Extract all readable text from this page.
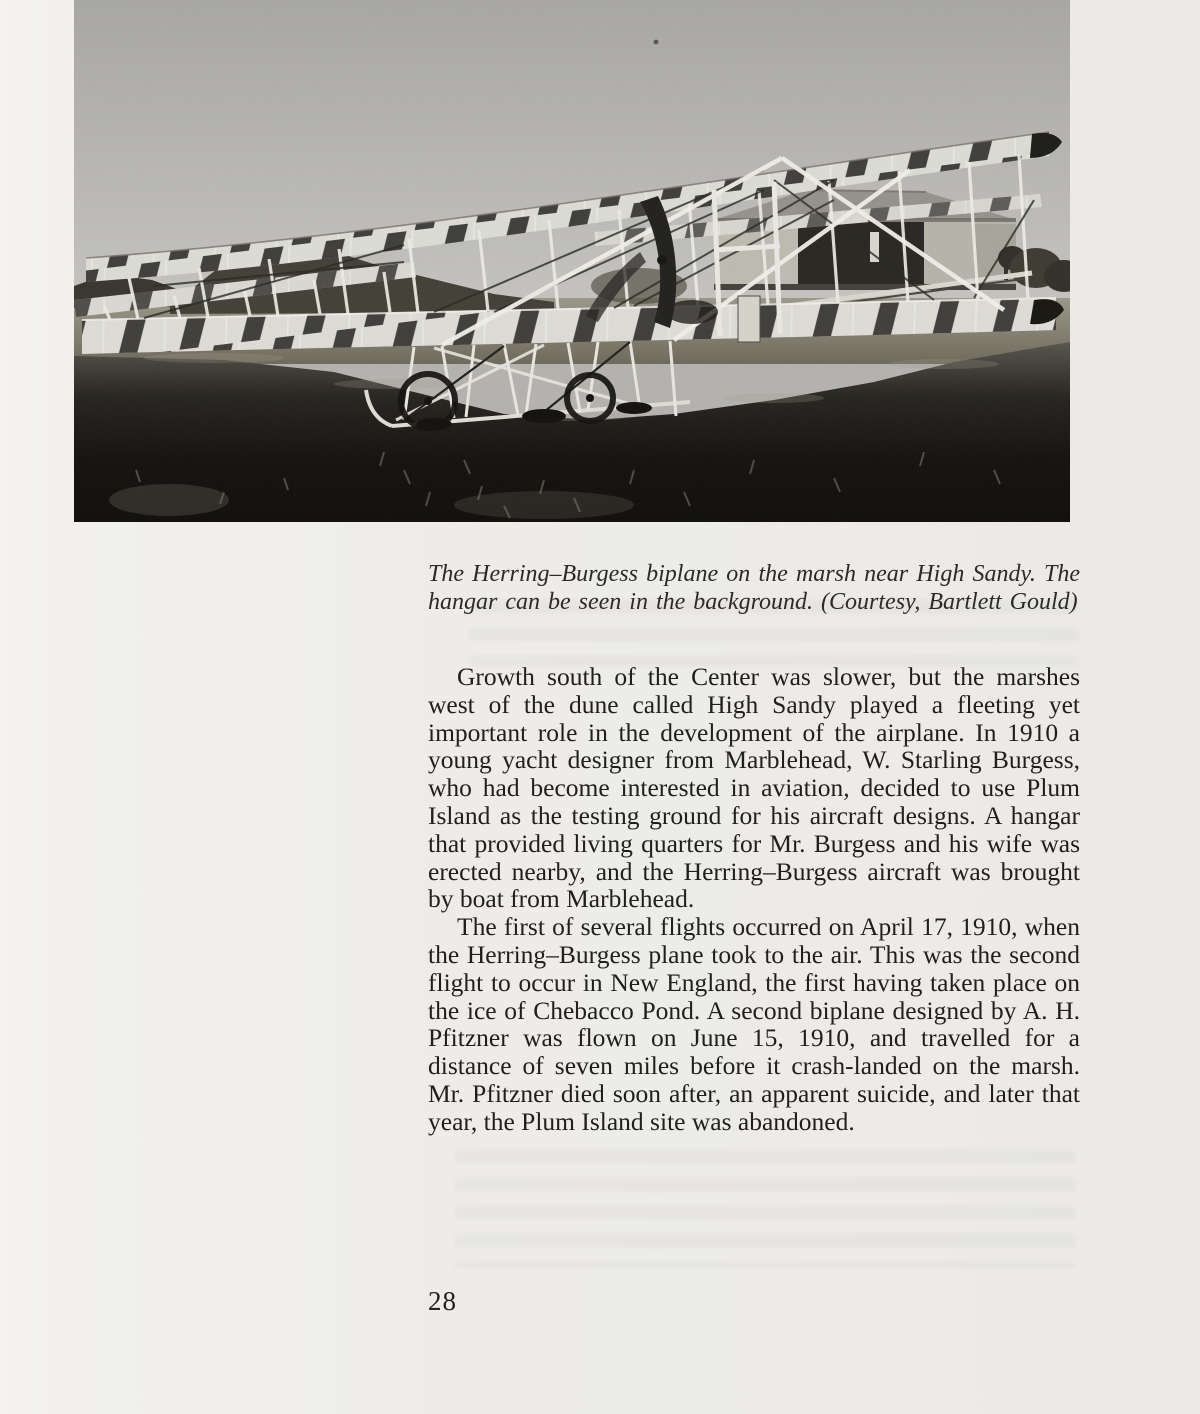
The Herring–Burgess biplane on the marsh near High Sandy. The hangar can be seen in the background. (Courtesy, Bartlett Gould)

Growth south of the Center was slower, but the marshes west of the dune called High Sandy played a fleeting yet important role in the development of the airplane. In 1910 a young yacht designer from Marblehead, W. Starling Burgess, who had become interested in aviation, decided to use Plum Island as the testing ground for his aircraft designs. A hangar that provided living quarters for Mr. Burgess and his wife was erected nearby, and the Herring–Burgess aircraft was brought by boat from Marblehead.

The first of several flights occurred on April 17, 1910, when the Herring–Burgess plane took to the air. This was the second flight to occur in New England, the first having taken place on the ice of Chebacco Pond. A second biplane designed by A. H. Pfitzner was flown on June 15, 1910, and travelled for a distance of seven miles before it crash-landed on the marsh. Mr. Pfitzner died soon after, an apparent suicide, and later that year, the Plum Island site was abandoned.

28
